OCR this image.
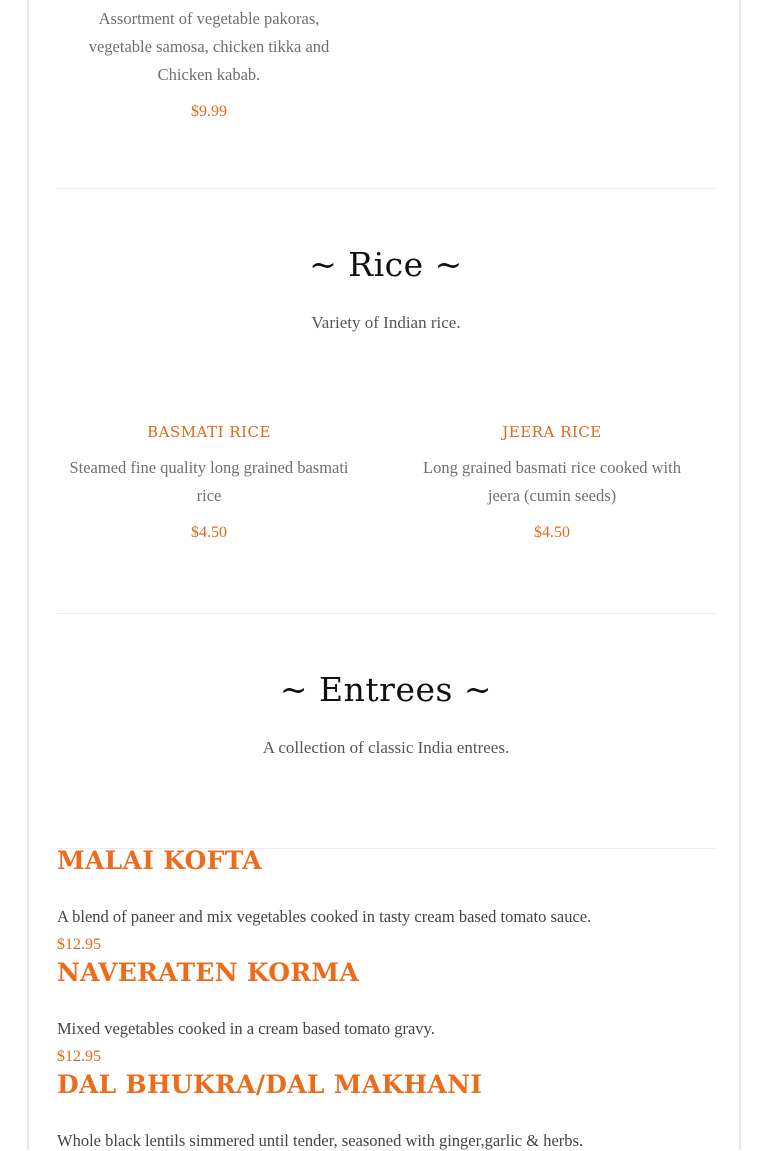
Assortment of vegetable pakoras, vegetable samosa, chicken tikka and Chicken kabab.
$9.99
~ Rice ~
Variety of Indian rice.
BASMATI RICE
Steamed fine quality long grained basmati rice
$4.50
JEERA RICE
Long grained basmati rice cooked with jeera (cumin seeds)
$4.50
~ Entrees ~
A collection of classic India entrees.
MALAI KOFTA
A blend of paneer and mix vegetables cooked in tasty cream based tomato sauce.
$12.95
NAVERATEN KORMA
Mixed vegetables cooked in a cream based tomato gravy.
$12.95
DAL BHUKRA/DAL MAKHANI
Whole black lentils simmered until tender, seasoned with ginger,garlic & herbs.
